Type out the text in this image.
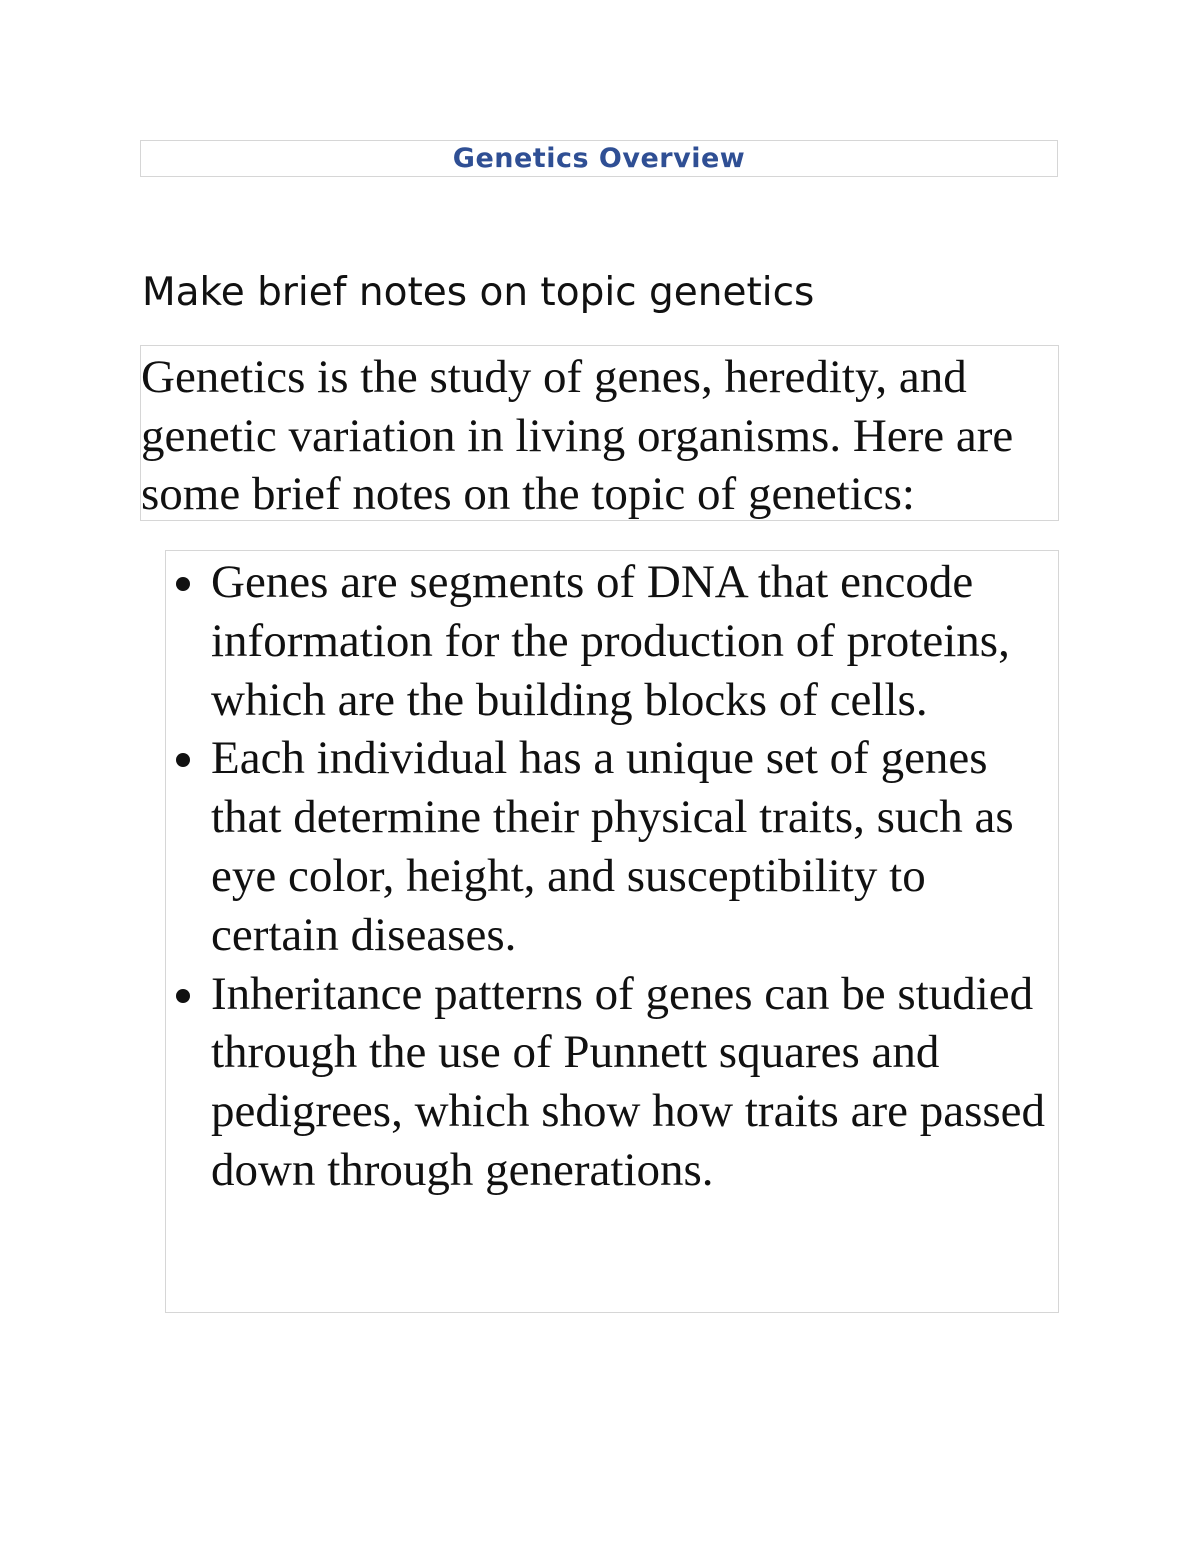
Genetics Overview
Make brief notes on topic genetics

Genetics is the study of genes, heredity, and genetic variation in living organisms. Here are some brief notes on the topic of genetics:

Genes are segments of DNA that encode information for the production of proteins, which are the building blocks of cells.
Each individual has a unique set of genes that determine their physical traits, such as eye color, height, and susceptibility to certain diseases.
Inheritance patterns of genes can be studied through the use of Punnett squares and pedigrees, which show how traits are passed down through generations.
